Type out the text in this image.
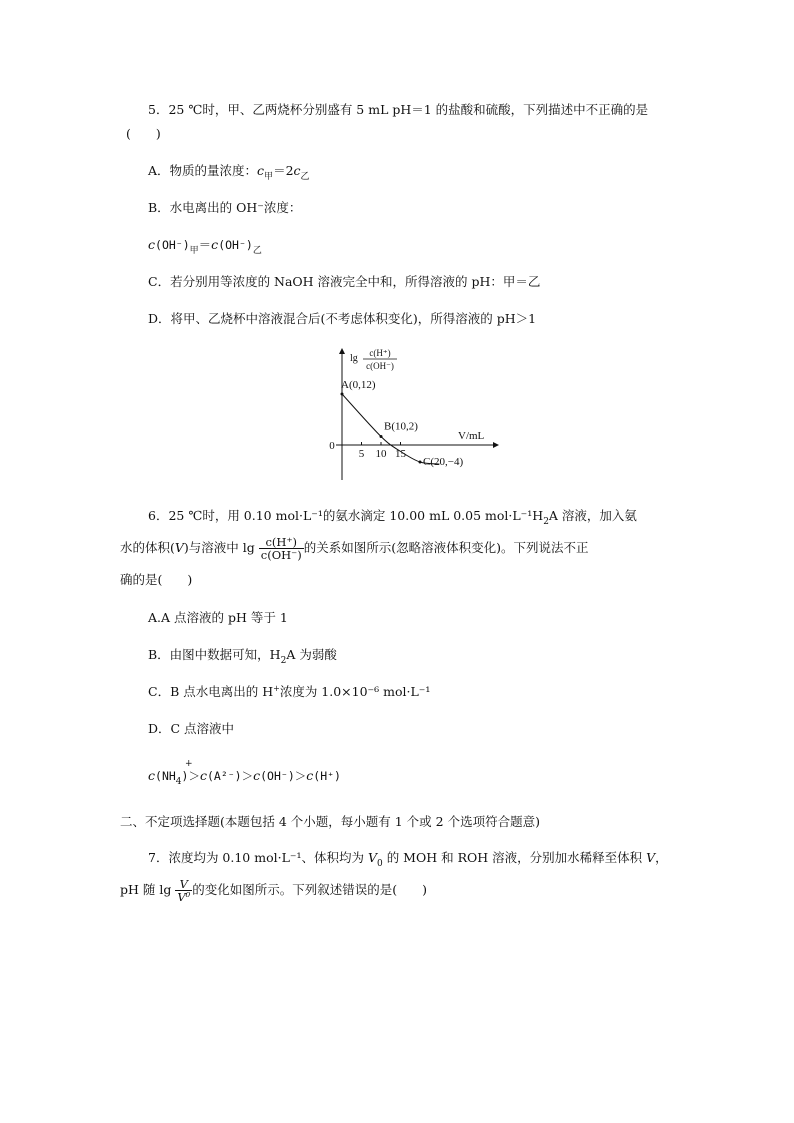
5．25 ℃时，甲、乙两烧杯分别盛有 5 mL pH＝1 的盐酸和硫酸，下列描述中不正确的是
(　　)
A．物质的量浓度：$c_甲=2c_乙$
B．水电离出的 OH⁻浓度：
$c(OH^-)_甲=c(OH^-)_乙$
C．若分别用等浓度的 NaOH 溶液完全中和，所得溶液的 pH：甲＝乙
D．将甲、乙烧杯中溶液混合后(不考虑体积变化)，所得溶液的 pH＞1
lg c(H⁺)
c(OH⁻)
V/mL
0
5 10 15
A(0,12)
B(10,2)
C(20,−4)
6．25 ℃时，用 0.10 mol·L⁻¹的氨水滴定 10.00 mL 0.05 $mol\cdot L^{-1}H_2A$ 溶液，加入氨
水的体积(V)与溶液中 $\lg \frac{c(H^+)}{c(OH^-)}$ 的关系如图所示(忽略溶液体积变化)。下列说法不正
确的是(　　)
A.A 点溶液的 pH 等于 1
B．由图中数据可知，$H_2A$ 为弱酸
C．B 点水电离出的 H+浓度为 1.0×10⁻⁶ mol·L⁻¹
D．C 点溶液中
+
$c(NH_4)>c(A^{2-})>c(OH^-)>c(H^+)$
二、不定项选择题(本题包括 4 个小题，每小题有 1 个或 2 个选项符合题意)
7．浓度均为 0.10 mol·L⁻¹、体积均为 $V_0$ 的 MOH 和 ROH 溶液，分别加水稀释至体积 V，
pH 随 $\lg \frac{V}{\text{V⁰}}$ 的变化如图所示。下列叙述错误的是(　　)
